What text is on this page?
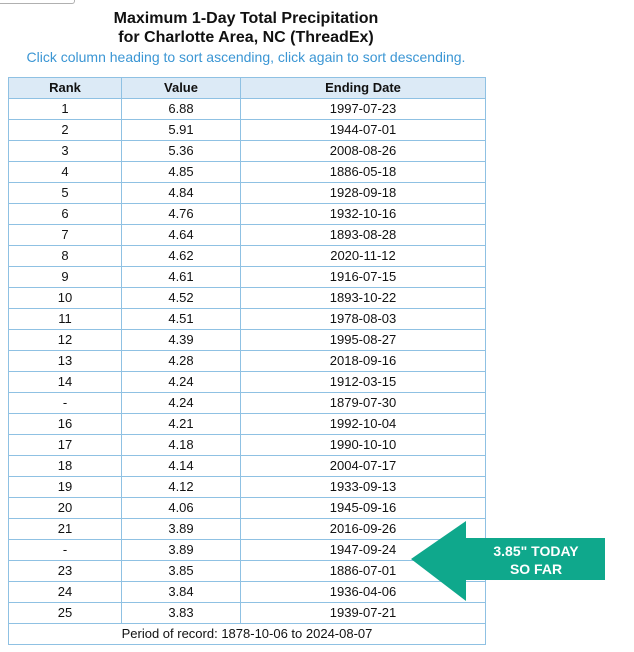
Maximum 1-Day Total Precipitation
for Charlotte Area, NC (ThreadEx)
Click column heading to sort ascending, click again to sort descending.
Rank	Value	Ending Date
1	6.88	1997-07-23
2	5.91	1944-07-01
3	5.36	2008-08-26
4	4.85	1886-05-18
5	4.84	1928-09-18
6	4.76	1932-10-16
7	4.64	1893-08-28
8	4.62	2020-11-12
9	4.61	1916-07-15
10	4.52	1893-10-22
11	4.51	1978-08-03
12	4.39	1995-08-27
13	4.28	2018-09-16
14	4.24	1912-03-15
-	4.24	1879-07-30
16	4.21	1992-10-04
17	4.18	1990-10-10
18	4.14	2004-07-17
19	4.12	1933-09-13
20	4.06	1945-09-16
21	3.89	2016-09-26
-	3.89	1947-09-24
23	3.85	1886-07-01
24	3.84	1936-04-06
25	3.83	1939-07-21
Period of record: 1878-10-06 to 2024-08-07		
3.85" TODAY
SO FAR
